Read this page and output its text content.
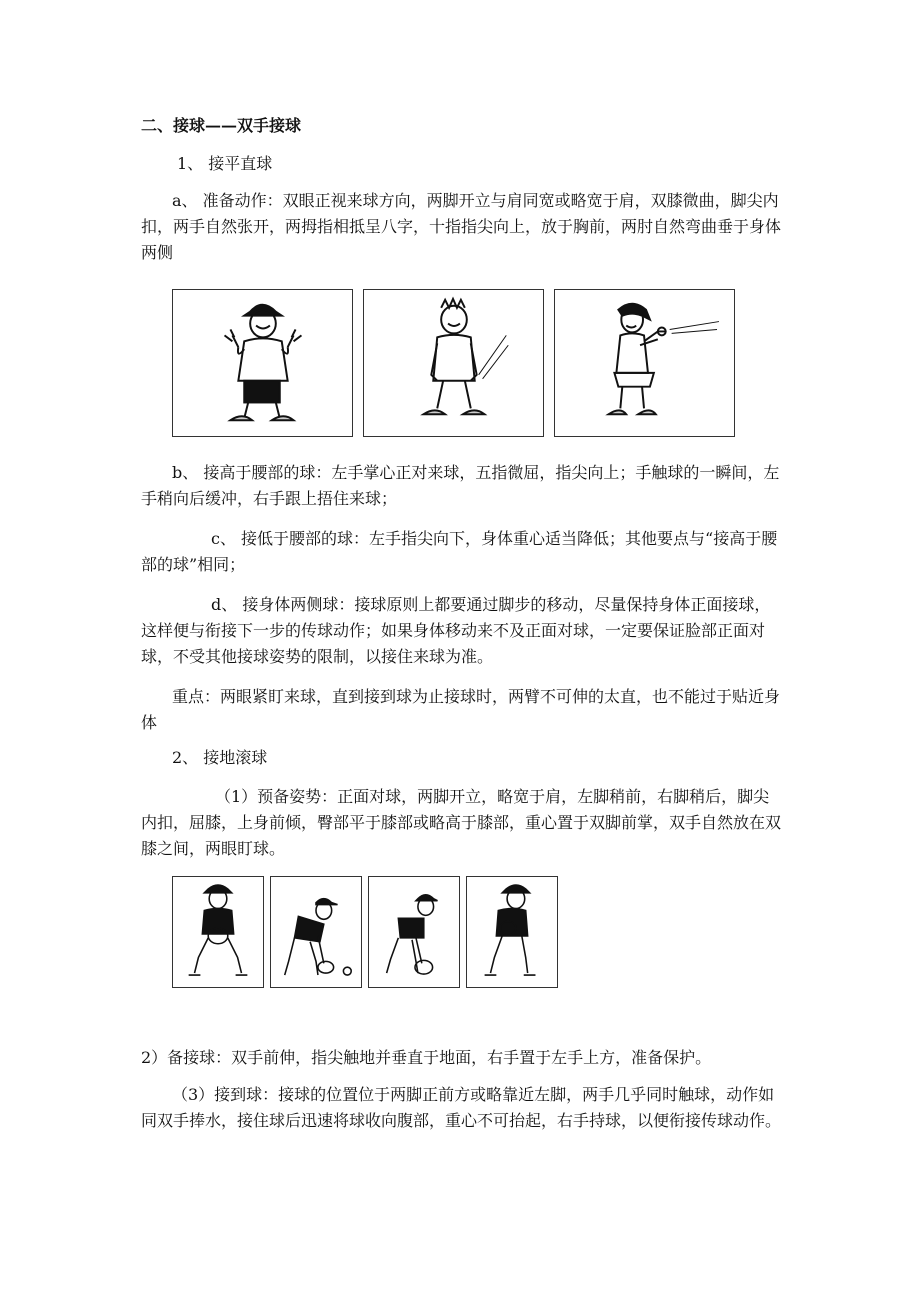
二、接球——双手接球

1、 接平直球

a、 准备动作：双眼正视来球方向，两脚开立与肩同宽或略宽于肩，双膝微曲，脚尖内扣，两手自然张开，两拇指相抵呈八字，十指指尖向上，放于胸前，两肘自然弯曲垂于身体两侧

b、 接高于腰部的球：左手掌心正对来球，五指微屈，指尖向上；手触球的一瞬间，左手稍向后缓冲，右手跟上捂住来球；

c、 接低于腰部的球：左手指尖向下，身体重心适当降低；其他要点与“接高于腰部的球”相同；

d、 接身体两侧球：接球原则上都要通过脚步的移动，尽量保持身体正面接球，这样便与衔接下一步的传球动作；如果身体移动来不及正面对球，一定要保证脸部正面对球，不受其他接球姿势的限制，以接住来球为准。

重点：两眼紧盯来球，直到接到球为止接球时，两臂不可伸的太直，也不能过于贴近身体

2、 接地滚球

（1）预备姿势：正面对球，两脚开立，略宽于肩，左脚稍前，右脚稍后，脚尖内扣，屈膝，上身前倾，臀部平于膝部或略高于膝部，重心置于双脚前掌，双手自然放在双膝之间，两眼盯球。

2）备接球：双手前伸，指尖触地并垂直于地面，右手置于左手上方，准备保护。

（3）接到球：接球的位置位于两脚正前方或略靠近左脚，两手几乎同时触球，动作如同双手捧水，接住球后迅速将球收向腹部，重心不可抬起，右手持球，以便衔接传球动作。
